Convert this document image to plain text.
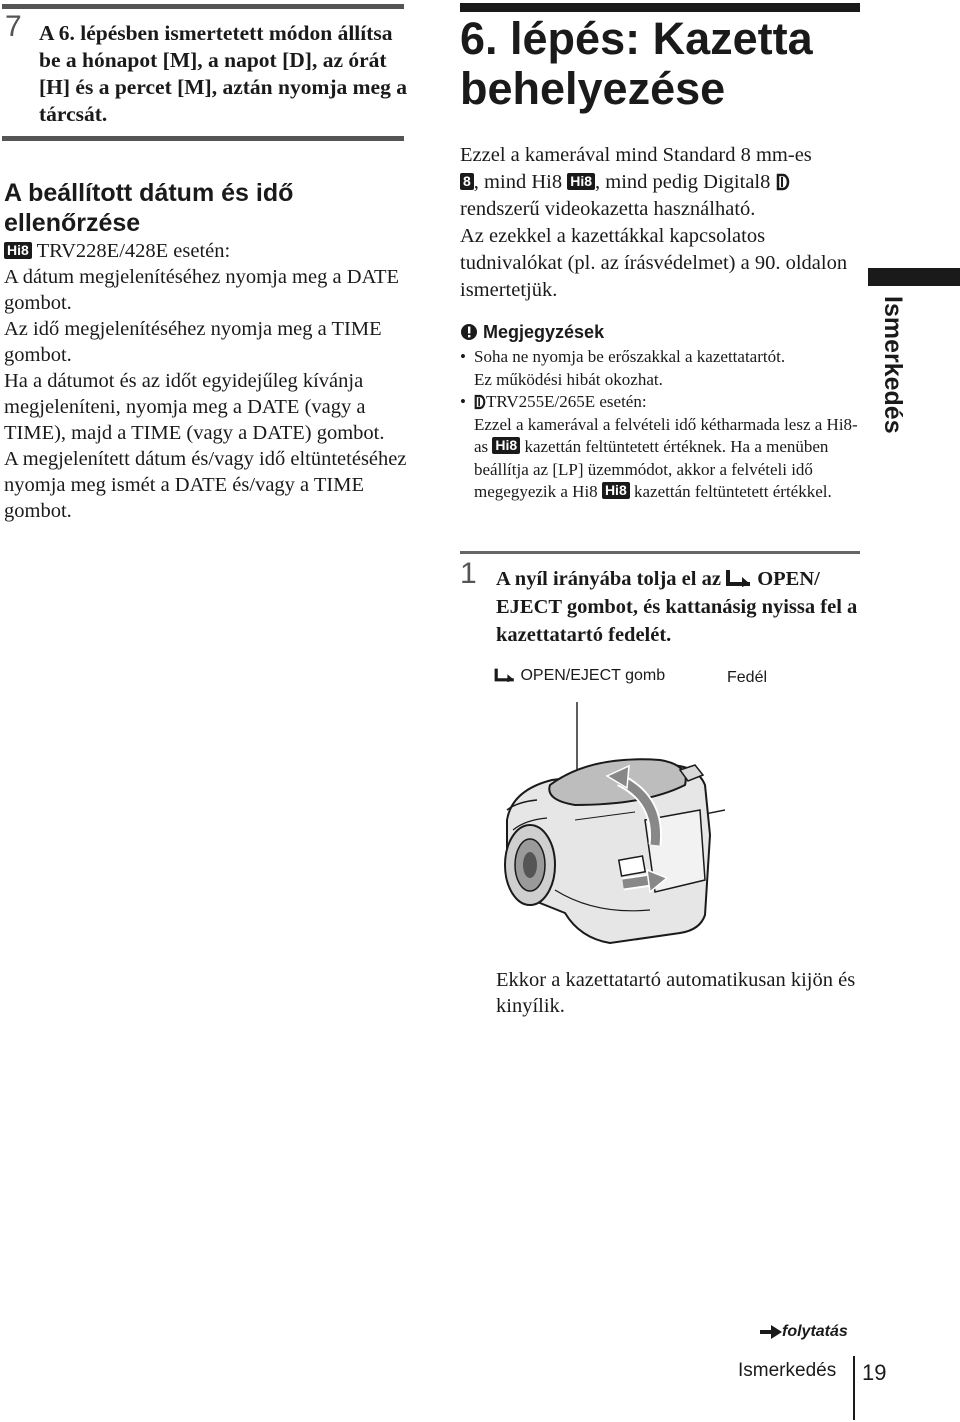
7 A 6. lépésben ismertetett módon állítsa be a hónapot [M], a napot [D], az órát [H] és a percet [M], aztán nyomja meg a tárcsát.
A beállított dátum és idő ellenőrzése

Hi8 TRV228E/428E esetén:

A dátum megjelenítéséhez nyomja meg a DATE gombot.

Az idő megjelenítéséhez nyomja meg a TIME gombot.

Ha a dátumot és az időt egyidejűleg kívánja megjeleníteni, nyomja meg a DATE (vagy a TIME), majd a TIME (vagy a DATE) gombot.

A megjelenített dátum és/vagy idő eltüntetéséhez nyomja meg ismét a DATE és/vagy a TIME gombot.

6. lépés: Kazetta behelyezése
Ezzel a kamerával mind Standard 8 mm-es
8 , mind Hi8 Hi8 , mind pedig Digital8
rendszerű videokazetta használható.
Az ezekkel a kazettákkal kapcsolatos tudnivalókat (pl. az írásvédelmet) a 90. oldalon ismertetjük.
Megjegyzések
• Soha ne nyomja be erőszakkal a kazettatartót.
Ez működési hibát okozhat.
•	TRV255E/265E esetén:
Ezzel a kamerával a felvételi idő kétharmada lesz a Hi8-as Hi8 kazettán feltüntetett értéknek. Ha a menüben beállítja az [LP] üzemmódot, akkor a felvételi idő megegyezik a Hi8 Hi8 kazettán feltüntetett értékkel.
1 A nyíl irányába tolja el az OPEN/ EJECT gombot, és kattanásig nyissa fel a kazettatartó fedelét.
OPEN/EJECT gomb	Fedél
Ekkor a kazettatartó automatikusan kijön és kinyílik.
Ismerkedés
folytatás
Ismerkedés 19
